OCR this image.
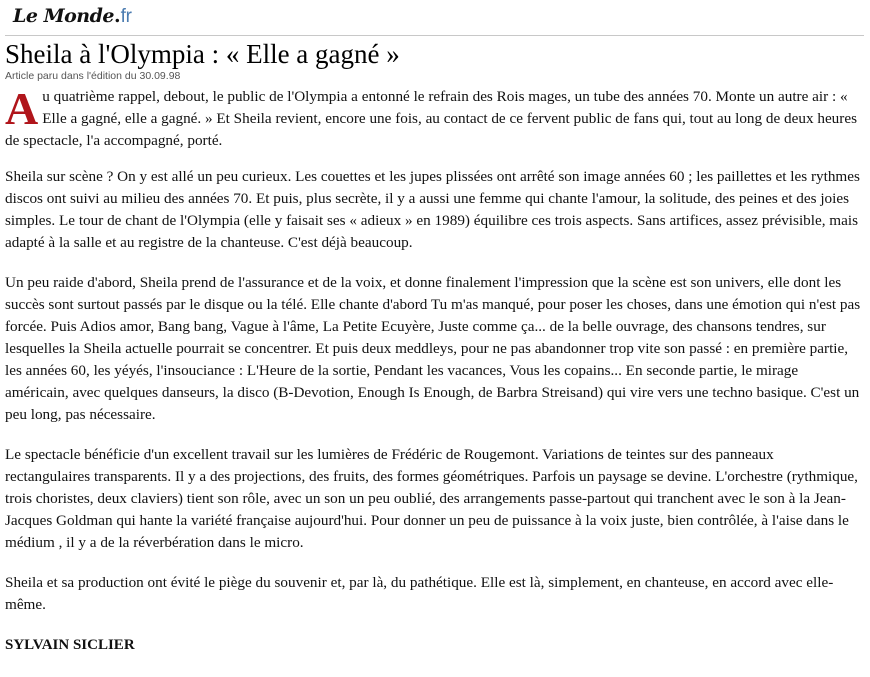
Le Monde . fr
Sheila à l'Olympia : « Elle a gagné »
Article paru dans l'édition du 30.09.98

Au quatrième rappel, debout, le public de l'Olympia a entonné le refrain des Rois mages, un tube des années 70. Monte un autre air : « Elle a gagné, elle a gagné. » Et Sheila revient, encore une fois, au contact de ce fervent public de fans qui, tout au long de deux heures de spectacle, l'a accompagné, porté.

Sheila sur scène ? On y est allé un peu curieux. Les couettes et les jupes plissées ont arrêté son image années 60 ; les paillettes et les rythmes discos ont suivi au milieu des années 70. Et puis, plus secrète, il y a aussi une femme qui chante l'amour, la solitude, des peines et des joies simples. Le tour de chant de l'Olympia (elle y faisait ses « adieux » en 1989) équilibre ces trois aspects. Sans artifices, assez prévisible, mais adapté à la salle et au registre de la chanteuse. C'est déjà beaucoup.

Un peu raide d'abord, Sheila prend de l'assurance et de la voix, et donne finalement l'impression que la scène est son univers, elle dont les succès sont surtout passés par le disque ou la télé. Elle chante d'abord Tu m'as manqué, pour poser les choses, dans une émotion qui n'est pas forcée. Puis Adios amor, Bang bang, Vague à l'âme, La Petite Ecuyère, Juste comme ça... de la belle ouvrage, des chansons tendres, sur lesquelles la Sheila actuelle pourrait se concentrer. Et puis deux meddleys, pour ne pas abandonner trop vite son passé : en première partie, les années 60, les yéyés, l'insouciance : L'Heure de la sortie, Pendant les vacances, Vous les copains... En seconde partie, le mirage américain, avec quelques danseurs, la disco (B-Devotion, Enough Is Enough, de Barbra Streisand) qui vire vers une techno basique. C'est un peu long, pas nécessaire.

Le spectacle bénéficie d'un excellent travail sur les lumières de Frédéric de Rougemont. Variations de teintes sur des panneaux rectangulaires transparents. Il y a des projections, des fruits, des formes géométriques. Parfois un paysage se devine. L'orchestre (rythmique, trois choristes, deux claviers) tient son rôle, avec un son un peu oublié, des arrangements passe-partout qui tranchent avec le son à la Jean-Jacques Goldman qui hante la variété française aujourd'hui. Pour donner un peu de puissance à la voix juste, bien contrôlée, à l'aise dans le médium , il y a de la réverbération dans le micro.

Sheila et sa production ont évité le piège du souvenir et, par là, du pathétique. Elle est là, simplement, en chanteuse, en accord avec elle-même.

SYLVAIN SICLIER
